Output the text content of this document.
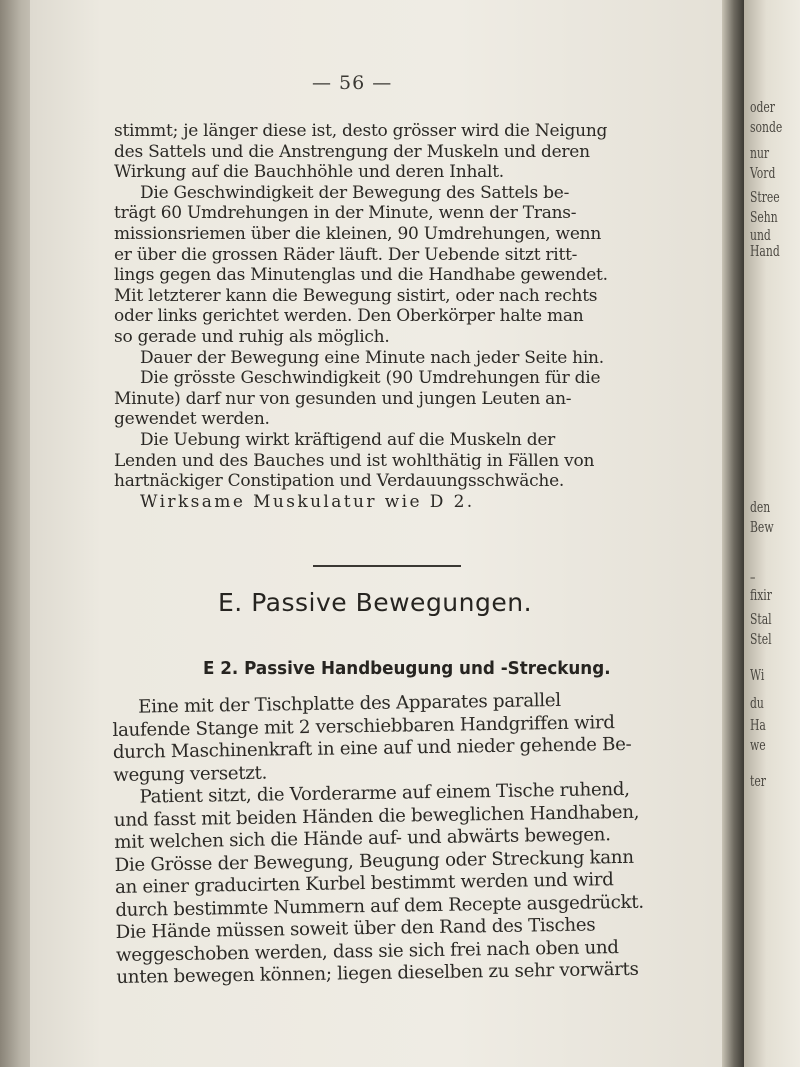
— 56 —
stimmt; je länger diese ist, desto grösser wird die Neigung
des Sattels und die Anstrengung der Muskeln und deren
Wirkung auf die Bauchhöhle und deren Inhalt.
Die Geschwindigkeit der Bewegung des Sattels be-
trägt 60 Umdrehungen in der Minute, wenn der Trans-
missionsriemen über die kleinen, 90 Umdrehungen, wenn
er über die grossen Räder läuft. Der Uebende sitzt ritt-
lings gegen das Minutenglas und die Handhabe gewendet.
Mit letzterer kann die Bewegung sistirt, oder nach rechts
oder links gerichtet werden. Den Oberkörper halte man
so gerade und ruhig als möglich.
Dauer der Bewegung eine Minute nach jeder Seite hin.
Die grösste Geschwindigkeit (90 Umdrehungen für die
Minute) darf nur von gesunden und jungen Leuten an-
gewendet werden.
Die Uebung wirkt kräftigend auf die Muskeln der
Lenden und des Bauches und ist wohlthätig in Fällen von
hartnäckiger Constipation und Verdauungsschwäche.
Wirksame Muskulatur wie D 2.
E. Passive Bewegungen.
E 2. Passive Handbeugung und -Streckung.
Eine mit der Tischplatte des Apparates parallel
laufende Stange mit 2 verschiebbaren Handgriffen wird
durch Maschinenkraft in eine auf und nieder gehende Be-
wegung versetzt.
Patient sitzt, die Vorderarme auf einem Tische ruhend,
und fasst mit beiden Händen die beweglichen Handhaben,
mit welchen sich die Hände auf- und abwärts bewegen.
Die Grösse der Bewegung, Beugung oder Streckung kann
an einer graducirten Kurbel bestimmt werden und wird
durch bestimmte Nummern auf dem Recepte ausgedrückt.
Die Hände müssen soweit über den Rand des Tisches
weggeschoben werden, dass sie sich frei nach oben und
unten bewegen können; liegen dieselben zu sehr vorwärts
oder
sonde
nur
Vord
Stree
Sehn
und
Hand
den
Bew
–
fixir
Stal
Stel
Wi
du
Ha
we
ter
